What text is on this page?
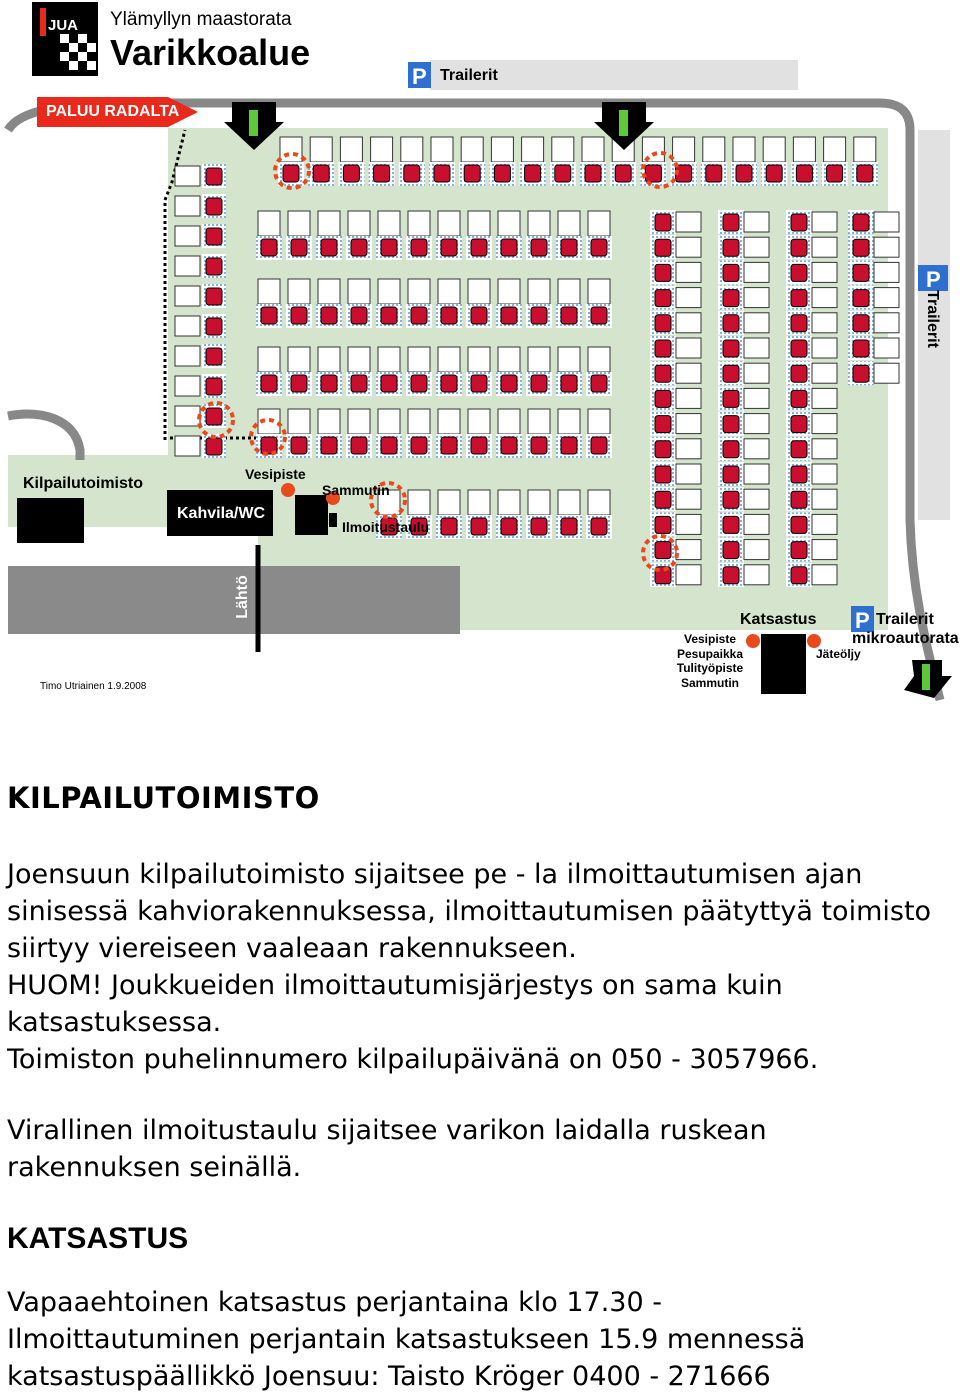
JUA
P
P
P
Ylämyllyn maastorata
Varikkoalue
PALUU RADALTA
Trailerit
Trailerit
Trailerit
mikroautorata
Kilpailutoimisto
Kahvila/WC
Vesipiste
Sammutin
Ilmoitustaulu
Lähtö
Katsastus
Vesipiste
Pesupaikka
Tulityöpiste
Sammutin
Jäteöljy
Timo Utriainen 1.9.2008
KILPAILUTOIMISTO
Joensuun kilpailutoimisto sijaitsee pe - la ilmoittautumisen ajan
sinisessä kahviorakennuksessa, ilmoittautumisen päätyttyä toimisto
siirtyy viereiseen vaaleaan rakennukseen.
HUOM! Joukkueiden ilmoittautumisjärjestys on sama kuin
katsastuksessa.
Toimiston puhelinnumero kilpailupäivänä on 050 - 3057966.
Virallinen ilmoitustaulu sijaitsee varikon laidalla ruskean
rakennuksen seinällä.
KATSASTUS
Vapaaehtoinen katsastus perjantaina klo 17.30 -
Ilmoittautuminen perjantain katsastukseen 15.9 mennessä
katsastuspäällikkö Joensuu: Taisto Kröger 0400 - 271666
